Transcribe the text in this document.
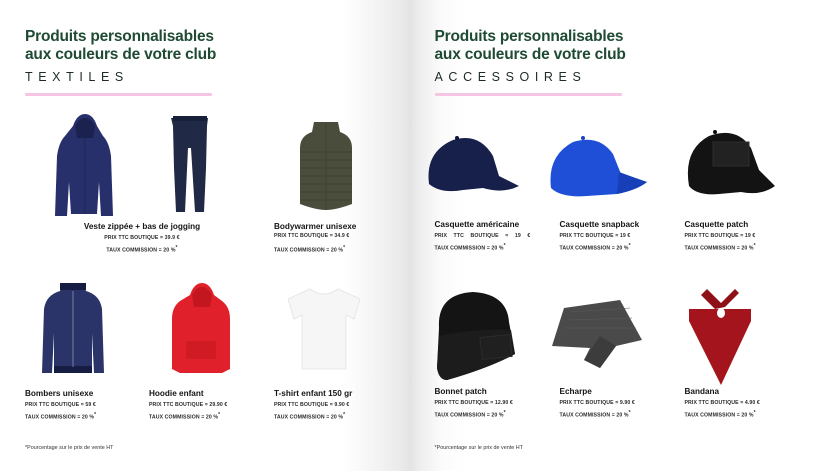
Produits personnalisables
aux couleurs de votre club
TEXTILES
Veste zippée + bas de jogging
PRIX TTC BOUTIQUE = 39.9 €
TAUX COMMISSION = 20 %*
Bodywarmer unisexe
PRIX TTC BOUTIQUE = 34.9 €
TAUX COMMISSION = 20 %*
Bombers unisexe
PRIX TTC BOUTIQUE = 59 €
TAUX COMMISSION = 20 %*
Hoodie enfant
PRIX TTC BOUTIQUE = 29.90 €
TAUX COMMISSION = 20 %*
T-shirt enfant 150 gr
PRIX TTC BOUTIQUE = 9.90 €
TAUX COMMISSION = 20 %*
*Pourcentage sur le prix de vente HT
Produits personnalisables
aux couleurs de votre club
ACCESSOIRES
Casquette américaine
PRIX TTC BOUTIQUE = 19 €
TAUX COMMISSION = 20 %*
Casquette snapback
PRIX TTC BOUTIQUE = 19 €
TAUX COMMISSION = 20 %*
Casquette patch
PRIX TTC BOUTIQUE = 19 €
TAUX COMMISSION = 20 %*
Bonnet patch
PRIX TTC BOUTIQUE = 12.90 €
TAUX COMMISSION = 20 %*
Echarpe
PRIX TTC BOUTIQUE = 9.90 €
TAUX COMMISSION = 20 %*
Bandana
PRIX TTC BOUTIQUE = 4.90 €
TAUX COMMISSION = 20 %*
*Pourcentage sur le prix de vente HT
